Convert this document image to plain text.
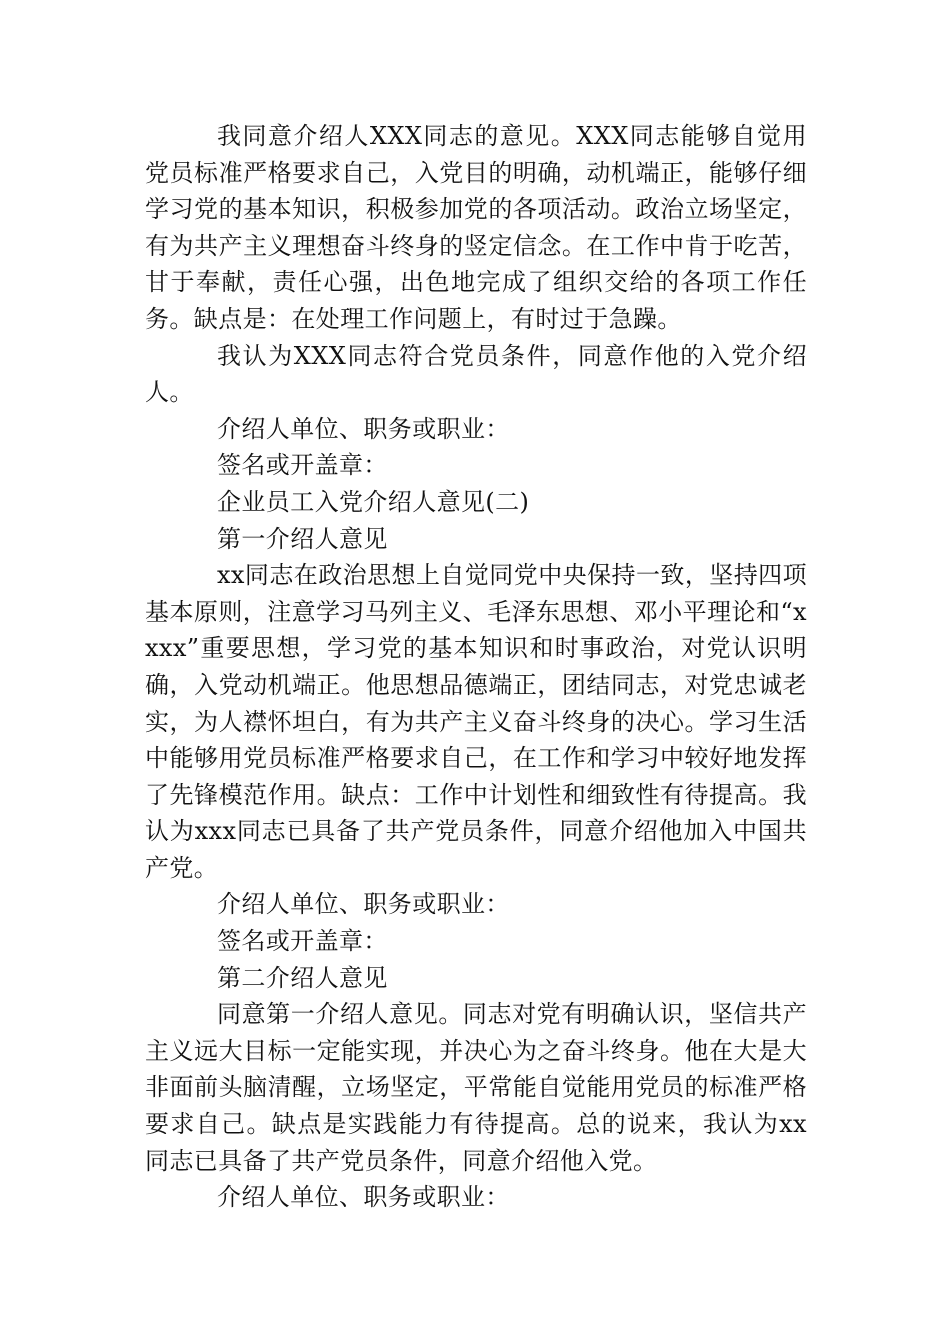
我同意介绍人XXX同志的意见。XXX同志能够自觉用党员标准严格要求自己，入党目的明确，动机端正，能够仔细学习党的基本知识，积极参加党的各项活动。政治立场坚定，有为共产主义理想奋斗终身的竖定信念。在工作中肯于吃苦，甘于奉献，责任心强，出色地完成了组织交给的各项工作任务。缺点是：在处理工作问题上，有时过于急躁。

我认为XXX同志符合党员条件，同意作他的入党介绍人。

介绍人单位、职务或职业：

签名或开盖章：

企业员工入党介绍人意见(二)

第一介绍人意见

xx同志在政治思想上自觉同党中央保持一致，坚持四项基本原则，注意学习马列主义、毛泽东思想、邓小平理论和“xxxx”重要思想，学习党的基本知识和时事政治，对党认识明确，入党动机端正。他思想品德端正，团结同志，对党忠诚老实，为人襟怀坦白，有为共产主义奋斗终身的决心。学习生活中能够用党员标准严格要求自己，在工作和学习中较好地发挥了先锋模范作用。缺点：工作中计划性和细致性有待提高。我认为xxx同志已具备了共产党员条件，同意介绍他加入中国共产党。

介绍人单位、职务或职业：

签名或开盖章：

第二介绍人意见

同意第一介绍人意见。同志对党有明确认识，坚信共产主义远大目标一定能实现，并决心为之奋斗终身。他在大是大非面前头脑清醒，立场坚定，平常能自觉能用党员的标准严格要求自己。缺点是实践能力有待提高。总的说来，我认为xx同志已具备了共产党员条件，同意介绍他入党。

介绍人单位、职务或职业：
